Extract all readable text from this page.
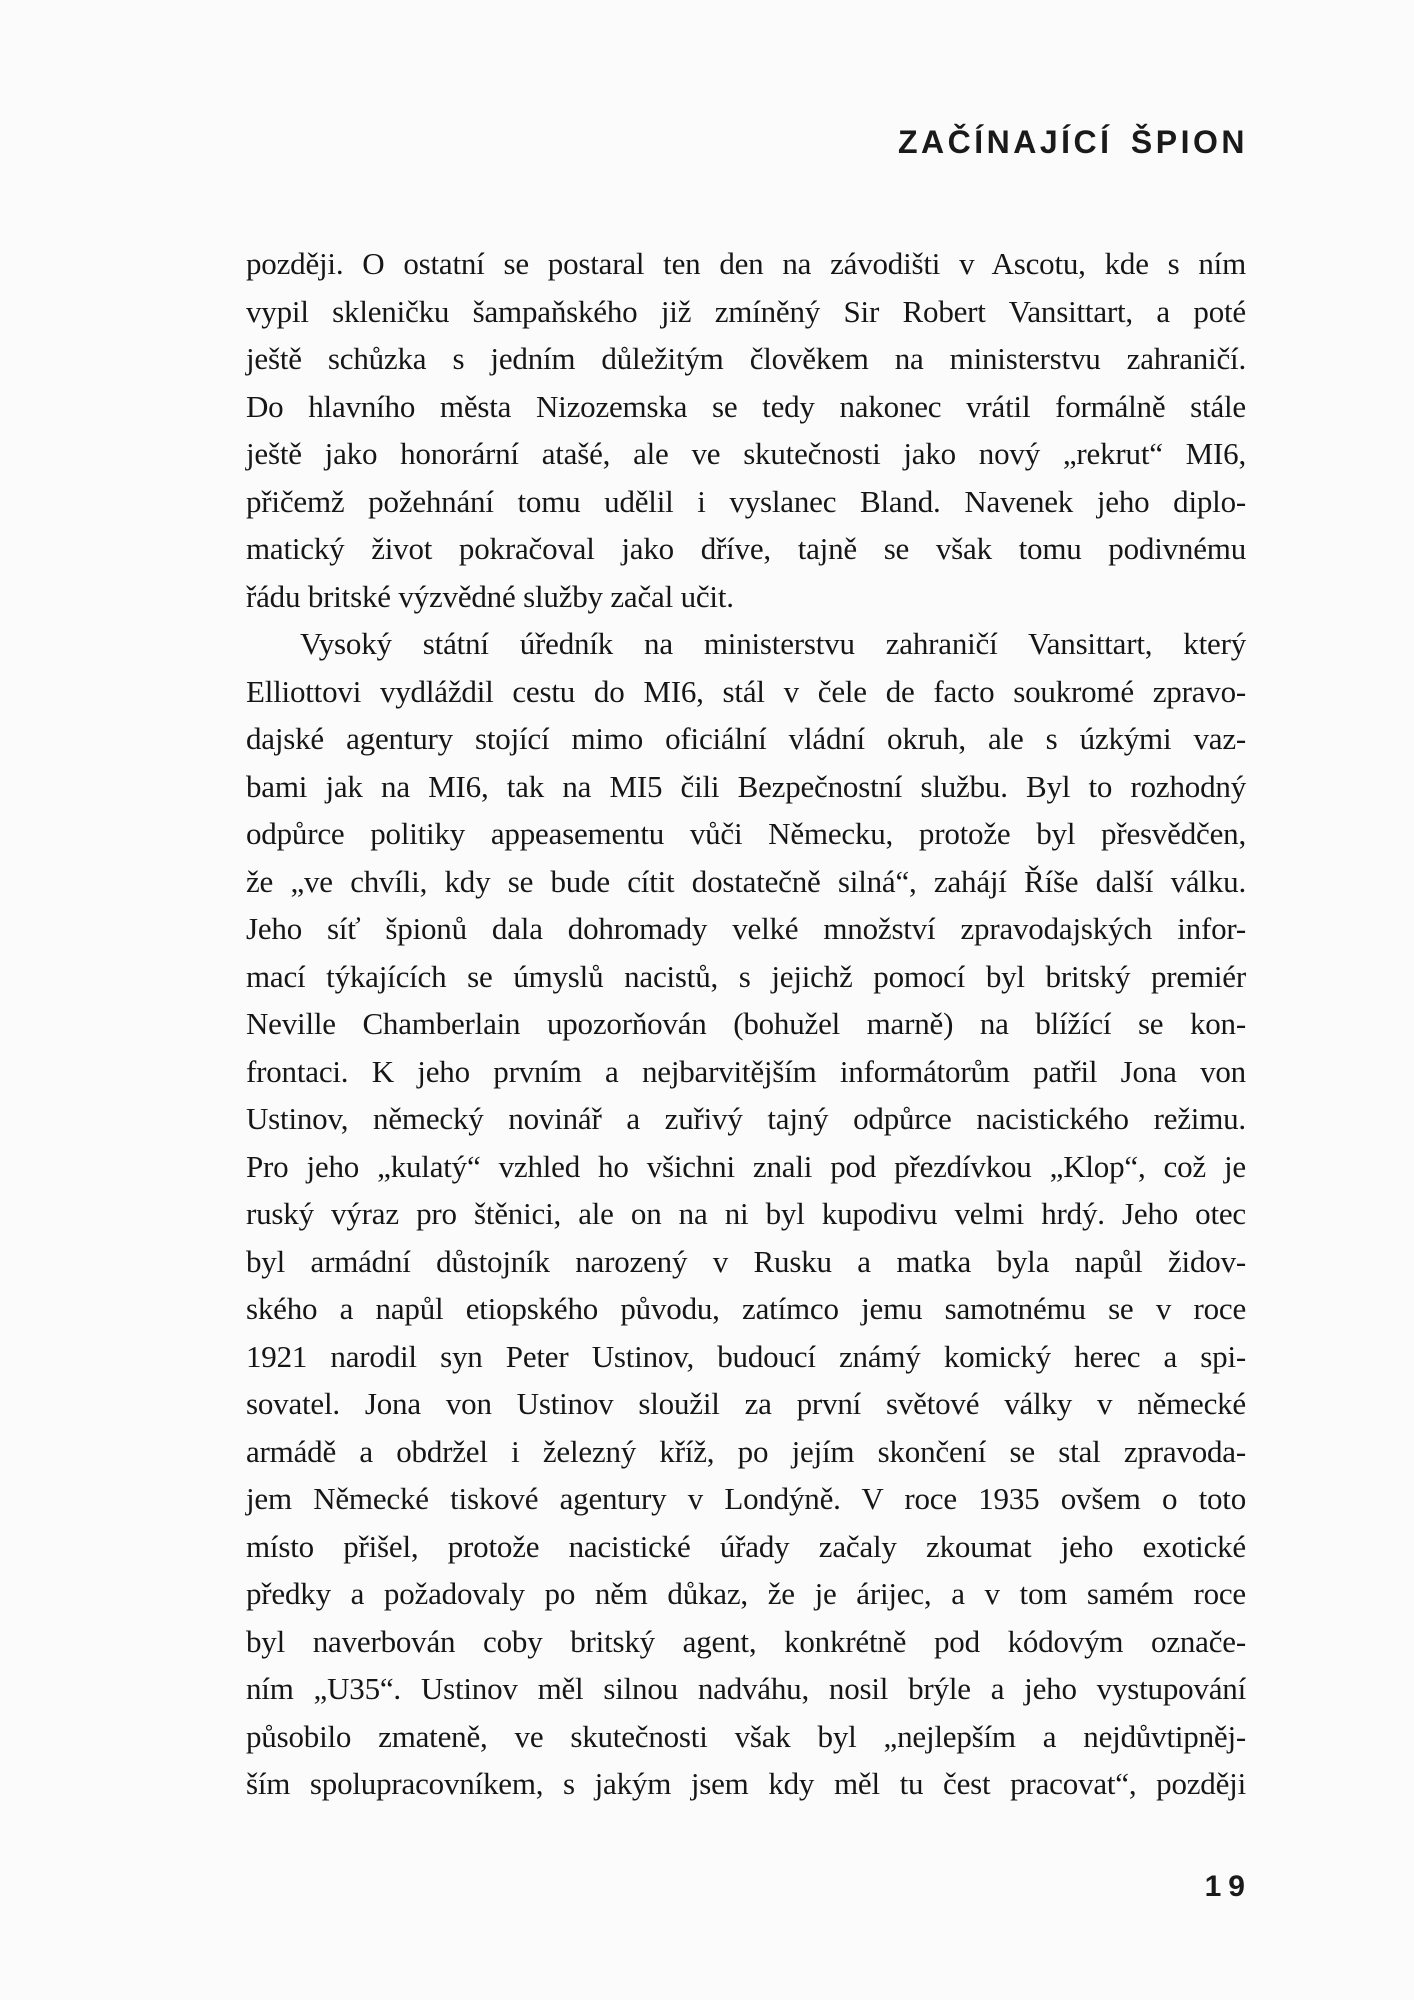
ZAČÍNAJÍCÍ ŠPION
později. O ostatní se postaral ten den na závodišti v Ascotu, kde s ním
vypil skleničku šampaňského již zmíněný Sir Robert Vansittart, a poté
ještě schůzka s jedním důležitým člověkem na ministerstvu zahraničí.
Do hlavního města Nizozemska se tedy nakonec vrátil formálně stále
ještě jako honorární atašé, ale ve skutečnosti jako nový „rekrut“ MI6,
přičemž požehnání tomu udělil i vyslanec Bland. Navenek jeho diplo-
matický život pokračoval jako dříve, tajně se však tomu podivnému
řádu britské výzvědné služby začal učit.
Vysoký státní úředník na ministerstvu zahraničí Vansittart, který
Elliottovi vydláždil cestu do MI6, stál v čele de facto soukromé zpravo-
dajské agentury stojící mimo oficiální vládní okruh, ale s úzkými vaz-
bami jak na MI6, tak na MI5 čili Bezpečnostní službu. Byl to rozhodný
odpůrce politiky appeasementu vůči Německu, protože byl přesvědčen,
že „ve chvíli, kdy se bude cítit dostatečně silná“, zahájí Říše další válku.
Jeho síť špionů dala dohromady velké množství zpravodajských infor-
mací týkajících se úmyslů nacistů, s jejichž pomocí byl britský premiér
Neville Chamberlain upozorňován (bohužel marně) na blížící se kon-
frontaci. K jeho prvním a nejbarvitějším informátorům patřil Jona von
Ustinov, německý novinář a zuřivý tajný odpůrce nacistického režimu.
Pro jeho „kulatý“ vzhled ho všichni znali pod přezdívkou „Klop“, což je
ruský výraz pro štěnici, ale on na ni byl kupodivu velmi hrdý. Jeho otec
byl armádní důstojník narozený v Rusku a matka byla napůl židov-
ského a napůl etiopského původu, zatímco jemu samotnému se v roce
1921 narodil syn Peter Ustinov, budoucí známý komický herec a spi-
sovatel. Jona von Ustinov sloužil za první světové války v německé
armádě a obdržel i železný kříž, po jejím skončení se stal zpravoda-
jem Německé tiskové agentury v Londýně. V roce 1935 ovšem o toto
místo přišel, protože nacistické úřady začaly zkoumat jeho exotické
předky a požadovaly po něm důkaz, že je árijec, a v tom samém roce
byl naverbován coby britský agent, konkrétně pod kódovým označe-
ním „U35“. Ustinov měl silnou nadváhu, nosil brýle a jeho vystupování
působilo zmateně, ve skutečnosti však byl „nejlepším a nejdůvtipněj-
ším spolupracovníkem, s jakým jsem kdy měl tu čest pracovat“, později
19
